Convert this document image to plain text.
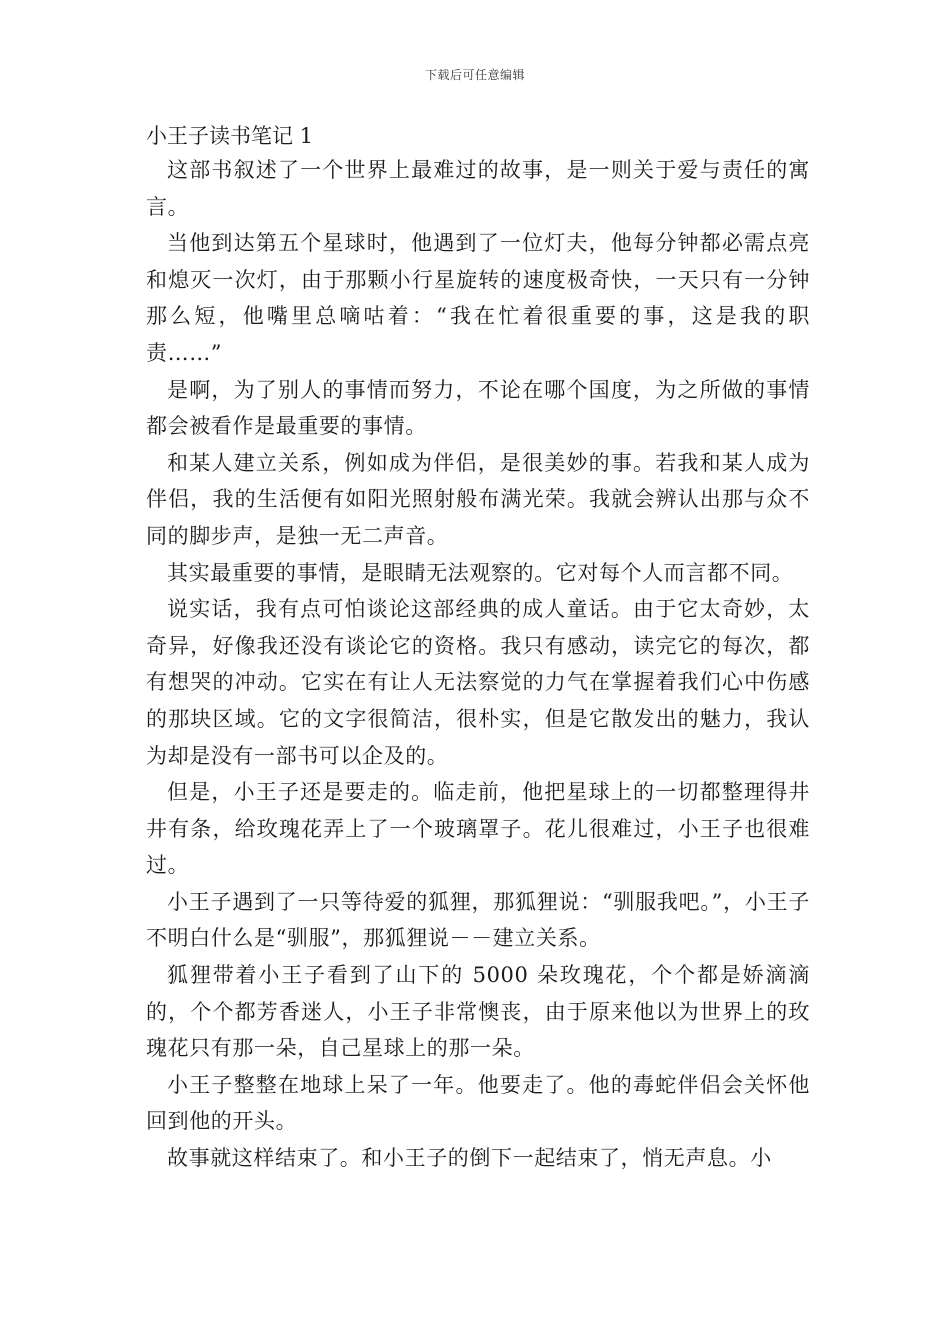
下载后可任意编辑
小王子读书笔记 1

这部书叙述了一个世界上最难过的故事，是一则关于爱与责任的寓言。

当他到达第五个星球时，他遇到了一位灯夫，他每分钟都必需点亮和熄灭一次灯，由于那颗小行星旋转的速度极奇快，一天只有一分钟那么短，他嘴里总嘀咕着：“我在忙着很重要的事，这是我的职责……”

是啊，为了别人的事情而努力，不论在哪个国度，为之所做的事情都会被看作是最重要的事情。

和某人建立关系，例如成为伴侣，是很美妙的事。若我和某人成为伴侣，我的生活便有如阳光照射般布满光荣。我就会辨认出那与众不同的脚步声，是独一无二声音。

其实最重要的事情，是眼睛无法观察的。它对每个人而言都不同。

说实话，我有点可怕谈论这部经典的成人童话。由于它太奇妙，太奇异，好像我还没有谈论它的资格。我只有感动，读完它的每次，都有想哭的冲动。它实在有让人无法察觉的力气在掌握着我们心中伤感的那块区域。它的文字很简洁，很朴实，但是它散发出的魅力，我认为却是没有一部书可以企及的。

但是，小王子还是要走的。临走前，他把星球上的一切都整理得井井有条，给玫瑰花弄上了一个玻璃罩子。花儿很难过，小王子也很难过。

小王子遇到了一只等待爱的狐狸，那狐狸说：“驯服我吧。”，小王子不明白什么是“驯服”，那狐狸说－－建立关系。

狐狸带着小王子看到了山下的 5000 朵玫瑰花，个个都是娇滴滴的，个个都芳香迷人，小王子非常懊丧，由于原来他以为世界上的玫瑰花只有那一朵，自己星球上的那一朵。

小王子整整在地球上呆了一年。他要走了。他的毒蛇伴侣会关怀他回到他的开头。

故事就这样结束了。和小王子的倒下一起结束了，悄无声息。小
